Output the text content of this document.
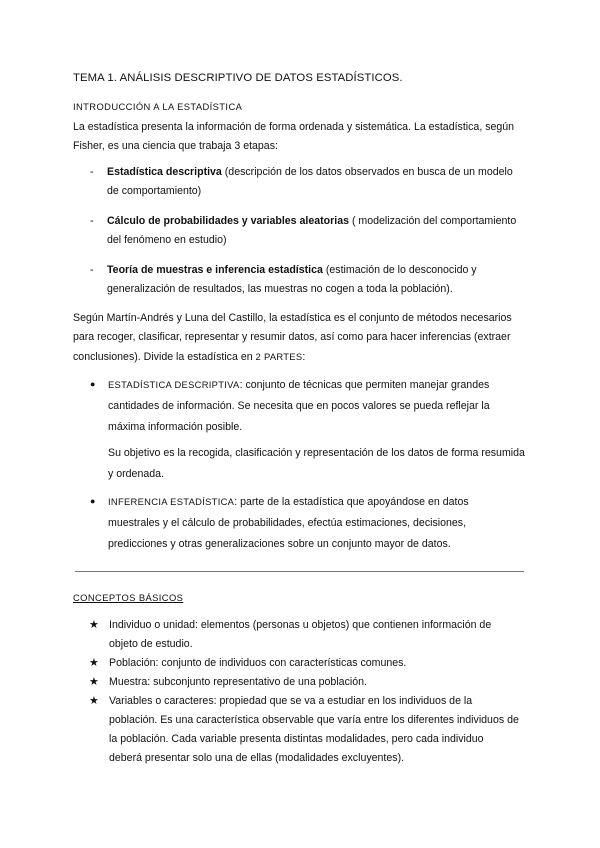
TEMA 1. ANÁLISIS DESCRIPTIVO DE DATOS ESTADÍSTICOS.
INTRODUCCIÓN A LA ESTADÍSTICA
La estadística presenta la información de forma ordenada y sistemática. La estadística, según Fisher, es una ciencia que trabaja 3 etapas:
- Estadística descriptiva (descripción de los datos observados en busca de un modelo de comportamiento)
- Cálculo de probabilidades y variables aleatorias ( modelización del comportamiento del fenómeno en estudio)
- Teoría de muestras e inferencia estadística (estimación de lo desconocido y generalización de resultados, las muestras no cogen a toda la población).
Según Martín-Andrés y Luna del Castillo, la estadística es el conjunto de métodos necesarios para recoger, clasificar, representar y resumir datos, así como para hacer inferencias (extraer conclusiones). Divide la estadística en 2 PARTES:
● ESTADÍSTICA DESCRIPTIVA: conjunto de técnicas que permiten manejar grandes cantidades de información. Se necesita que en pocos valores se pueda reflejar la máxima información posible.
Su objetivo es la recogida, clasificación y representación de los datos de forma resumida y ordenada.
● INFERENCIA ESTADÍSTICA: parte de la estadística que apoyándose en datos muestrales y el cálculo de probabilidades, efectúa estimaciones, decisiones, predicciones y otras generalizaciones sobre un conjunto mayor de datos.
CONCEPTOS BÁSICOS
★ Individuo o unidad: elementos (personas u objetos) que contienen información de objeto de estudio.
★ Población: conjunto de individuos con características comunes.
★ Muestra: subconjunto representativo de una población.
★ Variables o caracteres: propiedad que se va a estudiar en los individuos de la población. Es una característica observable que varía entre los diferentes individuos de la población. Cada variable presenta distintas modalidades, pero cada individuo deberá presentar solo una de ellas (modalidades excluyentes).
